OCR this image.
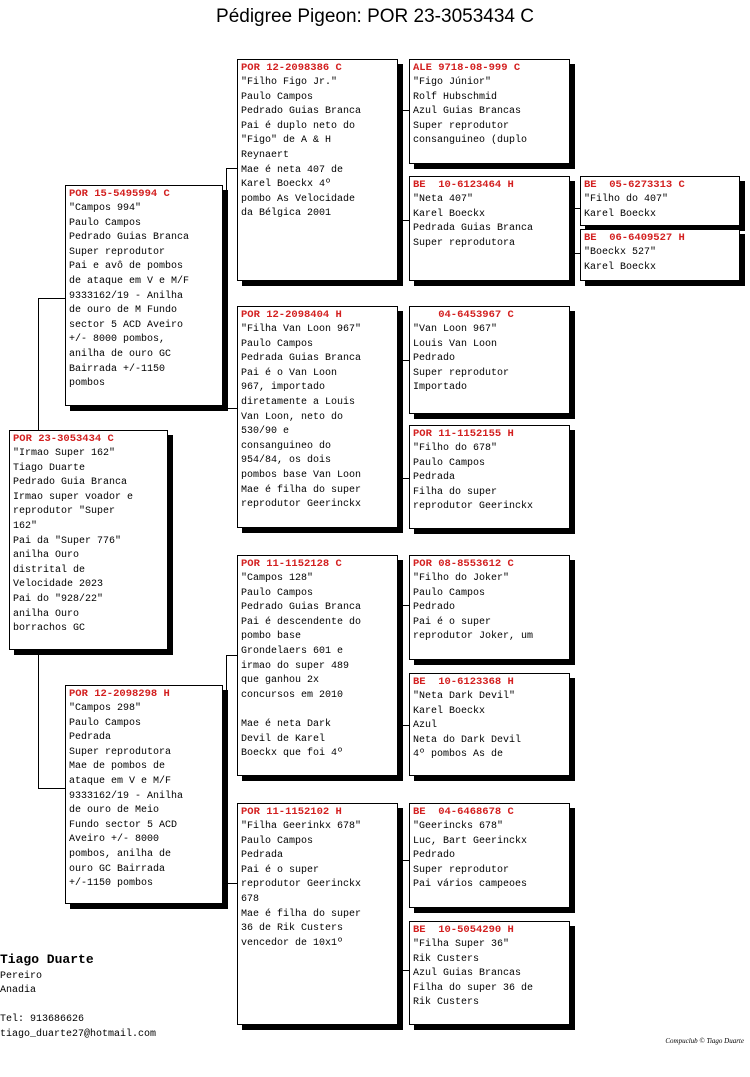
Pédigree Pigeon: POR 23-3053434 C
POR 23-3053434 C
"Irmao Super 162"
Tiago Duarte
Pedrado Guia Branca
Irmao super voador e
reprodutor "Super
162"
Pai da "Super 776"
anilha Ouro
distrital de
Velocidade 2023
Pai do "928/22"
anilha Ouro
borrachos GC
POR 15-5495994 C
"Campos 994"
Paulo Campos
Pedrado Guias Branca
Super reprodutor
Pai e avô de pombos
de ataque em V e M/F
9333162/19 - Anilha
de ouro de M Fundo
sector 5 ACD Aveiro
+/- 8000 pombos,
anilha de ouro GC
Bairrada +/-1150
pombos
POR 12-2098298 H
"Campos 298"
Paulo Campos
Pedrada
Super reprodutora
Mae de pombos de
ataque em V e M/F
9333162/19 - Anilha
de ouro de Meio
Fundo sector 5 ACD
Aveiro +/- 8000
pombos, anilha de
ouro GC Bairrada
+/-1150 pombos
POR 12-2098386 C
"Filho Figo Jr."
Paulo Campos
Pedrado Guias Branca
Pai é duplo neto do
"Figo" de A & H
Reynaert
Mae é neta 407 de
Karel Boeckx 4º
pombo As Velocidade
da Bélgica 2001
POR 12-2098404 H
"Filha Van Loon 967"
Paulo Campos
Pedrada Guias Branca
Pai é o Van Loon
967, importado
diretamente a Louis
Van Loon, neto do
530/90 e
consanguineo do
954/84, os dois
pombos base Van Loon
Mae é filha do super
reprodutor Geerinckx
POR 11-1152128 C
"Campos 128"
Paulo Campos
Pedrado Guias Branca
Pai é descendente do
pombo base
Grondelaers 601 e
irmao do super 489
que ganhou 2x
concursos em 2010

Mae é neta Dark
Devil de Karel
Boeckx que foi 4º
POR 11-1152102 H
"Filha Geerinkx 678"
Paulo Campos
Pedrada
Pai é o super
reprodutor Geerinckx
678
Mae é filha do super
36 de Rik Custers
vencedor de 10x1º
ALE 9718-08-999 C
"Figo Júnior"
Rolf Hubschmid
Azul Guias Brancas
Super reprodutor
consanguineo (duplo
BE  10-6123464 H
"Neta 407"
Karel Boeckx
Pedrada Guias Branca
Super reprodutora
04-6453967 C
"Van Loon 967"
Louis Van Loon
Pedrado
Super reprodutor
Importado
POR 11-1152155 H
"Filho do 678"
Paulo Campos
Pedrada
Filha do super
reprodutor Geerinckx
POR 08-8553612 C
"Filho do Joker"
Paulo Campos
Pedrado
Pai é o super
reprodutor Joker, um
BE  10-6123368 H
"Neta Dark Devil"
Karel Boeckx
Azul
Neta do Dark Devil
4º pombos As de
BE  04-6468678 C
"Geerincks 678"
Luc, Bart Geerinckx
Pedrado
Super reprodutor
Pai vários campeoes
BE  10-5054290 H
"Filha Super 36"
Rik Custers
Azul Guias Brancas
Filha do super 36 de
Rik Custers
BE  05-6273313 C
"Filho do 407"
Karel Boeckx
BE  06-6409527 H
"Boeckx 527"
Karel Boeckx
Tiago Duarte
Pereiro
Anadia

Tel: 913686626
tiago_duarte27@hotmail.com
Compuclub © Tiago Duarte
